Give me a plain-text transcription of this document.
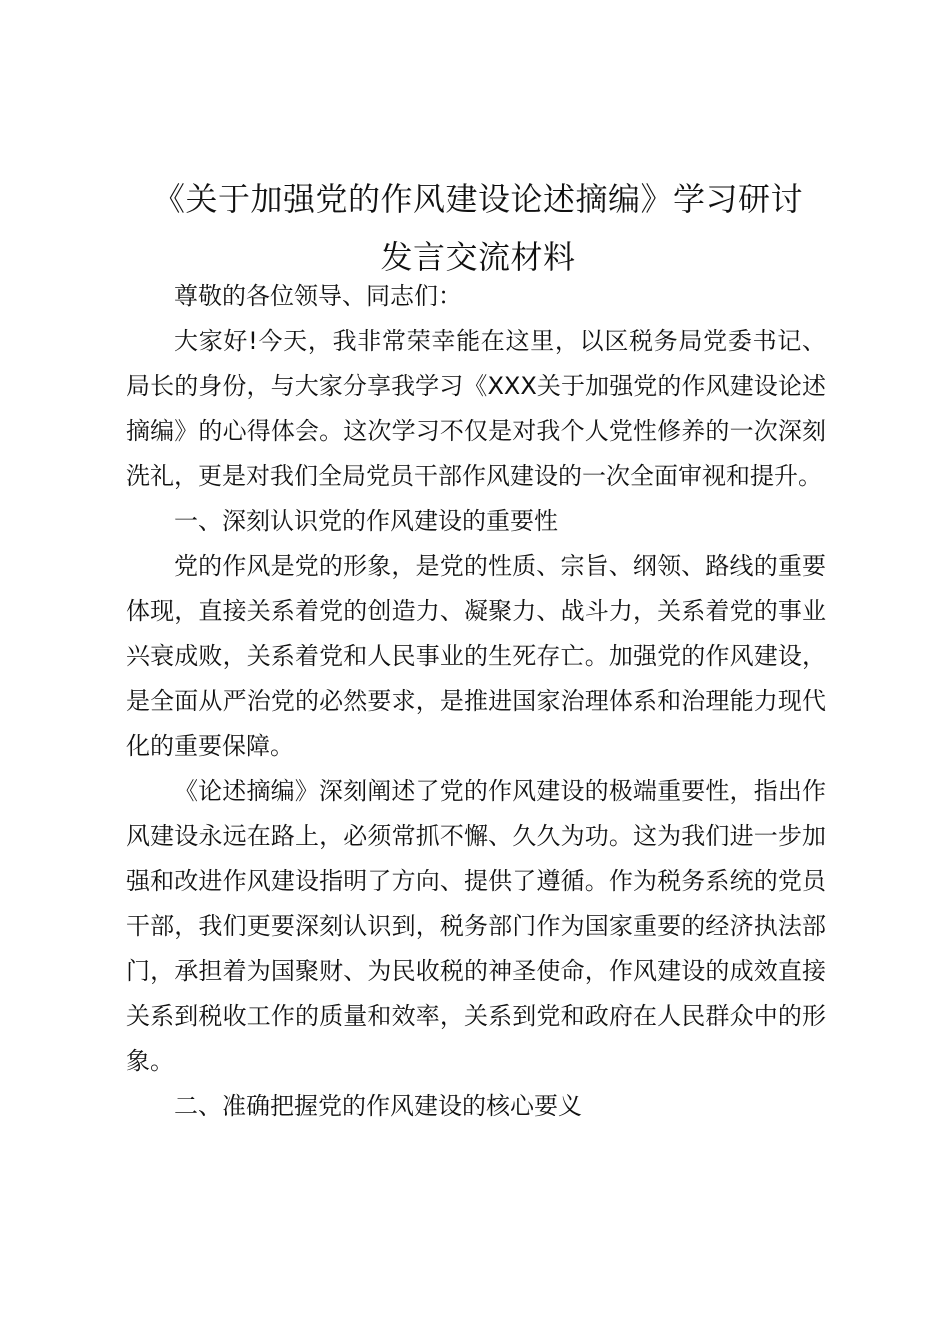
《关于加强党的作风建设论述摘编》学习研讨
发言交流材料

尊敬的各位领导、同志们：

大家好!今天，我非常荣幸能在这里，以区税务局党委书记、局长的身份，与大家分享我学习《XXX关于加强党的作风建设论述摘编》的心得体会。这次学习不仅是对我个人党性修养的一次深刻洗礼，更是对我们全局党员干部作风建设的一次全面审视和提升。

一、深刻认识党的作风建设的重要性

党的作风是党的形象，是党的性质、宗旨、纲领、路线的重要体现，直接关系着党的创造力、凝聚力、战斗力，关系着党的事业兴衰成败，关系着党和人民事业的生死存亡。加强党的作风建设，是全面从严治党的必然要求，是推进国家治理体系和治理能力现代化的重要保障。

《论述摘编》深刻阐述了党的作风建设的极端重要性，指出作风建设永远在路上，必须常抓不懈、久久为功。这为我们进一步加强和改进作风建设指明了方向、提供了遵循。作为税务系统的党员干部，我们更要深刻认识到，税务部门作为国家重要的经济执法部门，承担着为国聚财、为民收税的神圣使命，作风建设的成效直接关系到税收工作的质量和效率，关系到党和政府在人民群众中的形象。

二、准确把握党的作风建设的核心要义
